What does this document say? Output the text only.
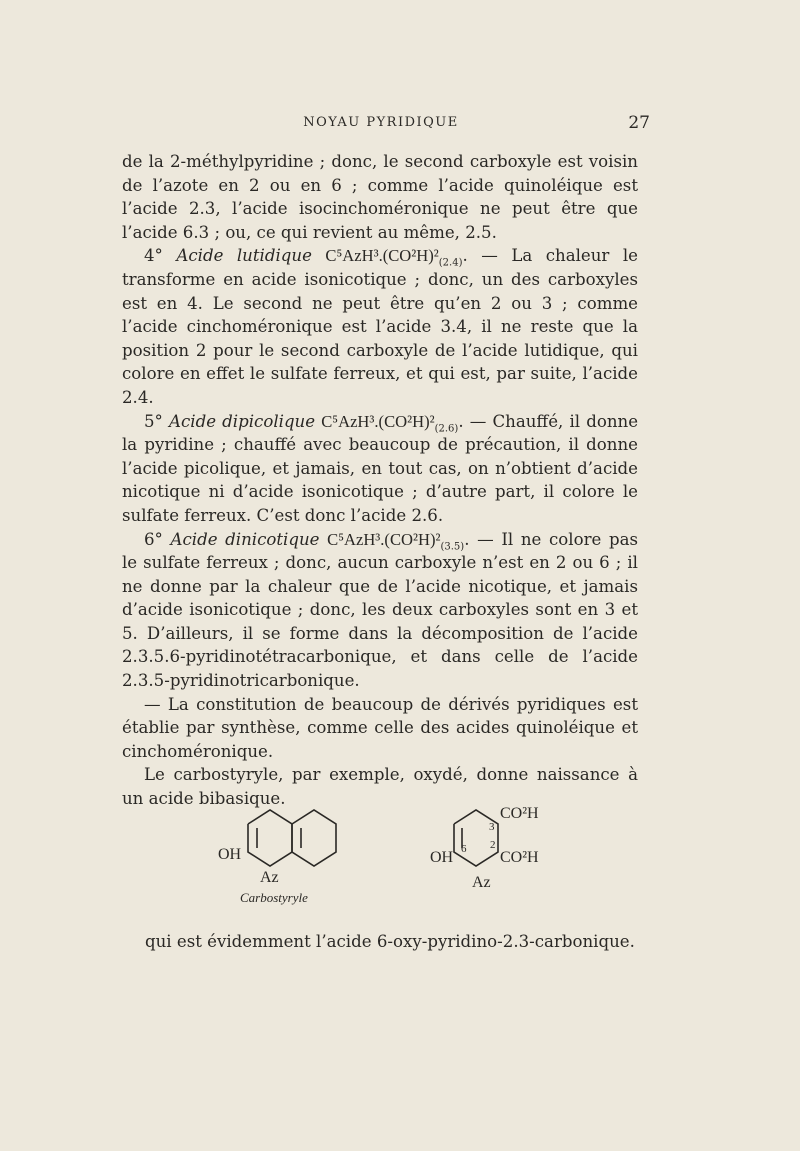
NOYAU PYRIDIQUE	27

de la 2-méthylpyridine ; donc, le second carboxyle est voisin de l’azote en 2 ou en 6 ; comme l’acide quinoléique est l’acide 2.3, l’acide isocinchoméronique ne peut être que l’acide 6.3 ; ou, ce qui revient au même, 2.5.

4° Acide lutidique $C^5AzH^3.(CO^2H)^2_{(2.4)}$. — La chaleur le transforme en acide isonicotique ; donc, un des carboxyles est en 4. Le second ne peut être qu’en 2 ou 3 ; comme l’acide cinchoméronique est l’acide 3.4, il ne reste que la position 2 pour le second carboxyle de l’acide lutidique, qui colore en effet le sulfate ferreux, et qui est, par suite, l’acide 2.4.

5° Acide dipicolique $C^5AzH^3.(CO^2H)^2_{(2.6)}$. — Chauffé, il donne la pyridine ; chauffé avec beaucoup de précaution, il donne l’acide picolique, et jamais, en tout cas, on n’obtient d’acide nicotique ni d’acide isonicotique ; d’autre part, il colore le sulfate ferreux. C’est donc l’acide 2.6.

6° Acide dinicotique $C^5AzH^3.(CO^2H)^2_{(3.5)}$. — Il ne colore pas le sulfate ferreux ; donc, aucun carboxyle n’est en 2 ou 6 ; il ne donne par la chaleur que de l’acide nicotique, et jamais d’acide isonicotique ; donc, les deux carboxyles sont en 3 et 5. D’ailleurs, il se forme dans la décomposition de l’acide 2.3.5.6-pyridinotétracarbonique, et dans celle de l’acide 2.3.5-pyridinotricarbonique.

— La constitution de beaucoup de dérivés pyridiques est établie par synthèse, comme celle des acides quinoléique et cinchoméronique.

Le carbostyryle, par exemple, oxydé, donne naissance à un acide bibasique.

OH
Az
Carbostyryle
CO²H
CO²H
3
6 2
OH
Az
qui est évidemment l’acide 6-oxy-pyridino-2.3-carbonique.
